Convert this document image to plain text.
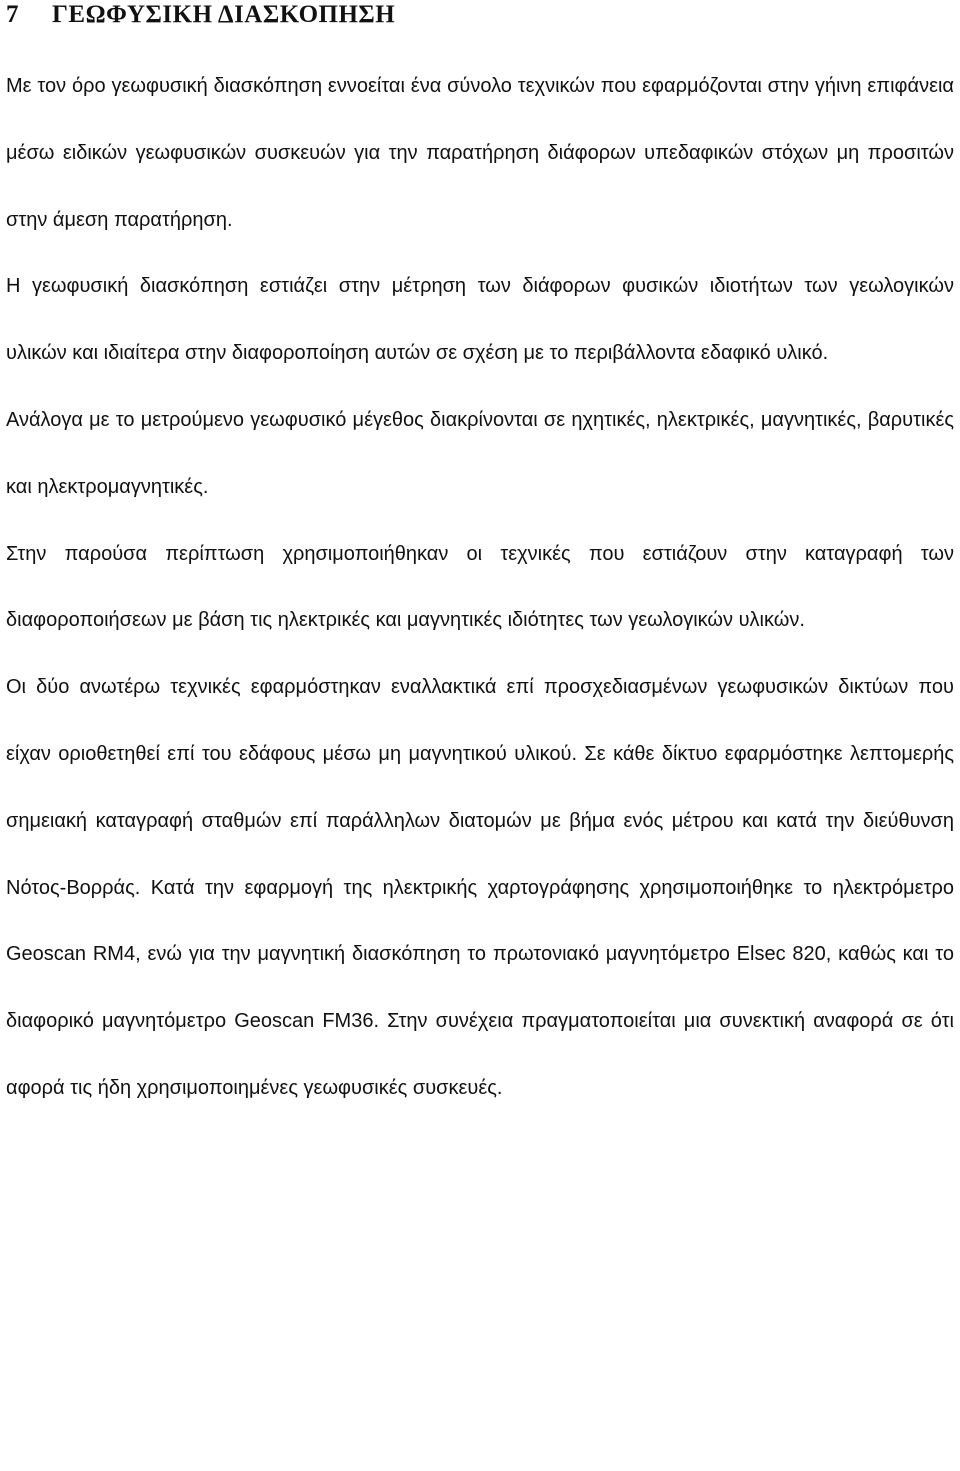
7 ΓΕΩΦΥΣΙΚΗ ΔΙΑΣΚΟΠΗΣΗ

Με τον όρο γεωφυσική διασκόπηση εννοείται ένα σύνολο τεχνικών που εφαρμόζονται στην γήινη επιφάνεια μέσω ειδικών γεωφυσικών συσκευών για την παρατήρηση διάφορων υπεδαφικών στόχων μη προσιτών στην άμεση παρατήρηση.

Η γεωφυσική διασκόπηση εστιάζει στην μέτρηση των διάφορων φυσικών ιδιοτήτων των γεωλογικών υλικών και ιδιαίτερα στην διαφοροποίηση αυτών σε σχέση με το περιβάλλοντα εδαφικό υλικό.

Ανάλογα με το μετρούμενο γεωφυσικό μέγεθος διακρίνονται σε ηχητικές, ηλεκτρικές, μαγνητικές, βαρυτικές και ηλεκτρομαγνητικές.

Στην παρούσα περίπτωση χρησιμοποιήθηκαν οι τεχνικές που εστιάζουν στην καταγραφή των διαφοροποιήσεων με βάση τις ηλεκτρικές και μαγνητικές ιδιότητες των γεωλογικών υλικών.

Οι δύο ανωτέρω τεχνικές εφαρμόστηκαν εναλλακτικά επί προσχεδιασμένων γεωφυσικών δικτύων που είχαν οριοθετηθεί επί του εδάφους μέσω μη μαγνητικού υλικού. Σε κάθε δίκτυο εφαρμόστηκε λεπτομερής σημειακή καταγραφή σταθμών επί παράλληλων διατομών με βήμα ενός μέτρου και κατά την διεύθυνση Νότος-Βορράς. Κατά την εφαρμογή της ηλεκτρικής χαρτογράφησης χρησιμοποιήθηκε το ηλεκτρόμετρο Geoscan RM4, ενώ για την μαγνητική διασκόπηση το πρωτονιακό μαγνητόμετρο Elsec 820, καθώς και το διαφορικό μαγνητόμετρο Geoscan FM36. Στην συνέχεια πραγματοποιείται μια συνεκτική αναφορά σε ότι αφορά τις ήδη χρησιμοποιημένες γεωφυσικές συσκευές.
